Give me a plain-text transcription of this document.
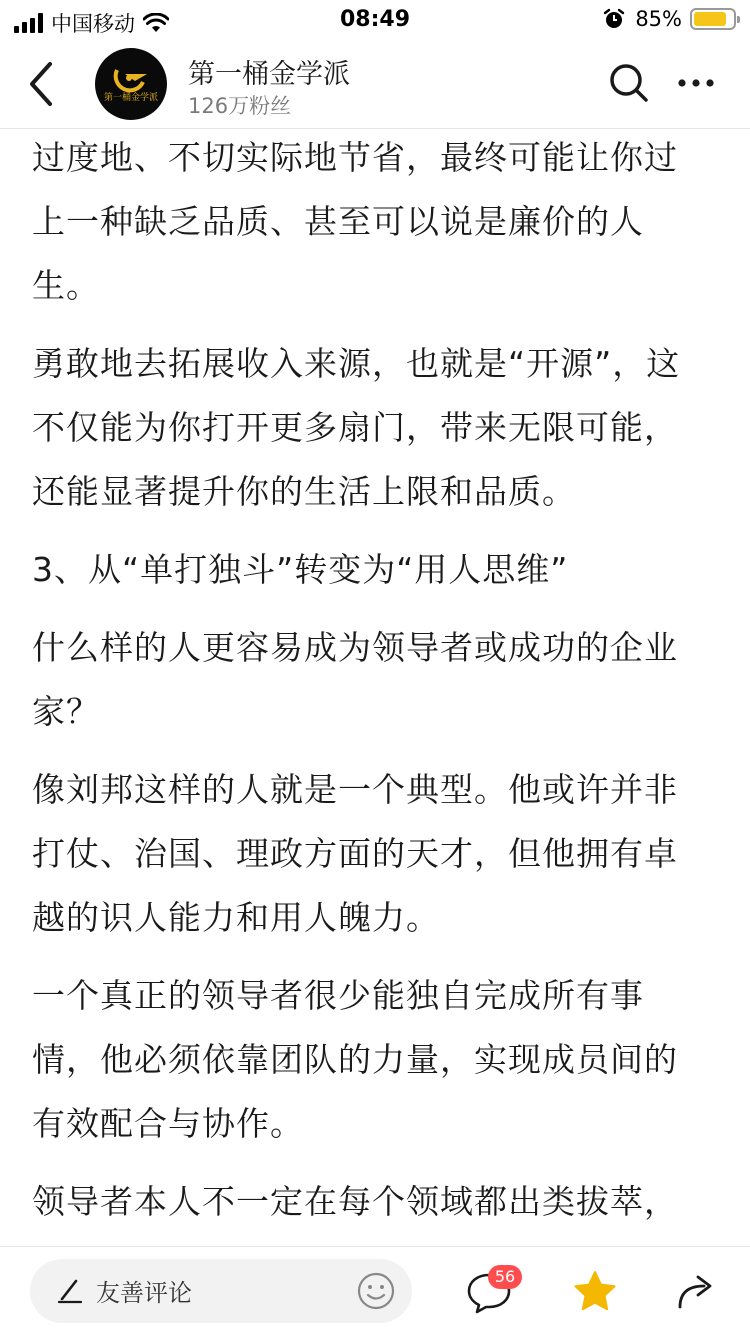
中国移动	08:49	85%
第一桶金学派
第一桶金学派
126万粉丝

过度地、不切实际地节省，最终可能让你过上一种缺乏品质、甚至可以说是廉价的人生。

勇敢地去拓展收入来源，也就是“开源”，这不仅能为你打开更多扇门，带来无限可能，还能显著提升你的生活上限和品质。

3、从“单打独斗”转变为“用人思维”

什么样的人更容易成为领导者或成功的企业家？

像刘邦这样的人就是一个典型。他或许并非打仗、治国、理政方面的天才，但他拥有卓越的识人能力和用人魄力。

一个真正的领导者很少能独自完成所有事情，他必须依靠团队的力量，实现成员间的有效配合与协作。

领导者本人不一定在每个领域都出类拔萃，

友善评论
56
